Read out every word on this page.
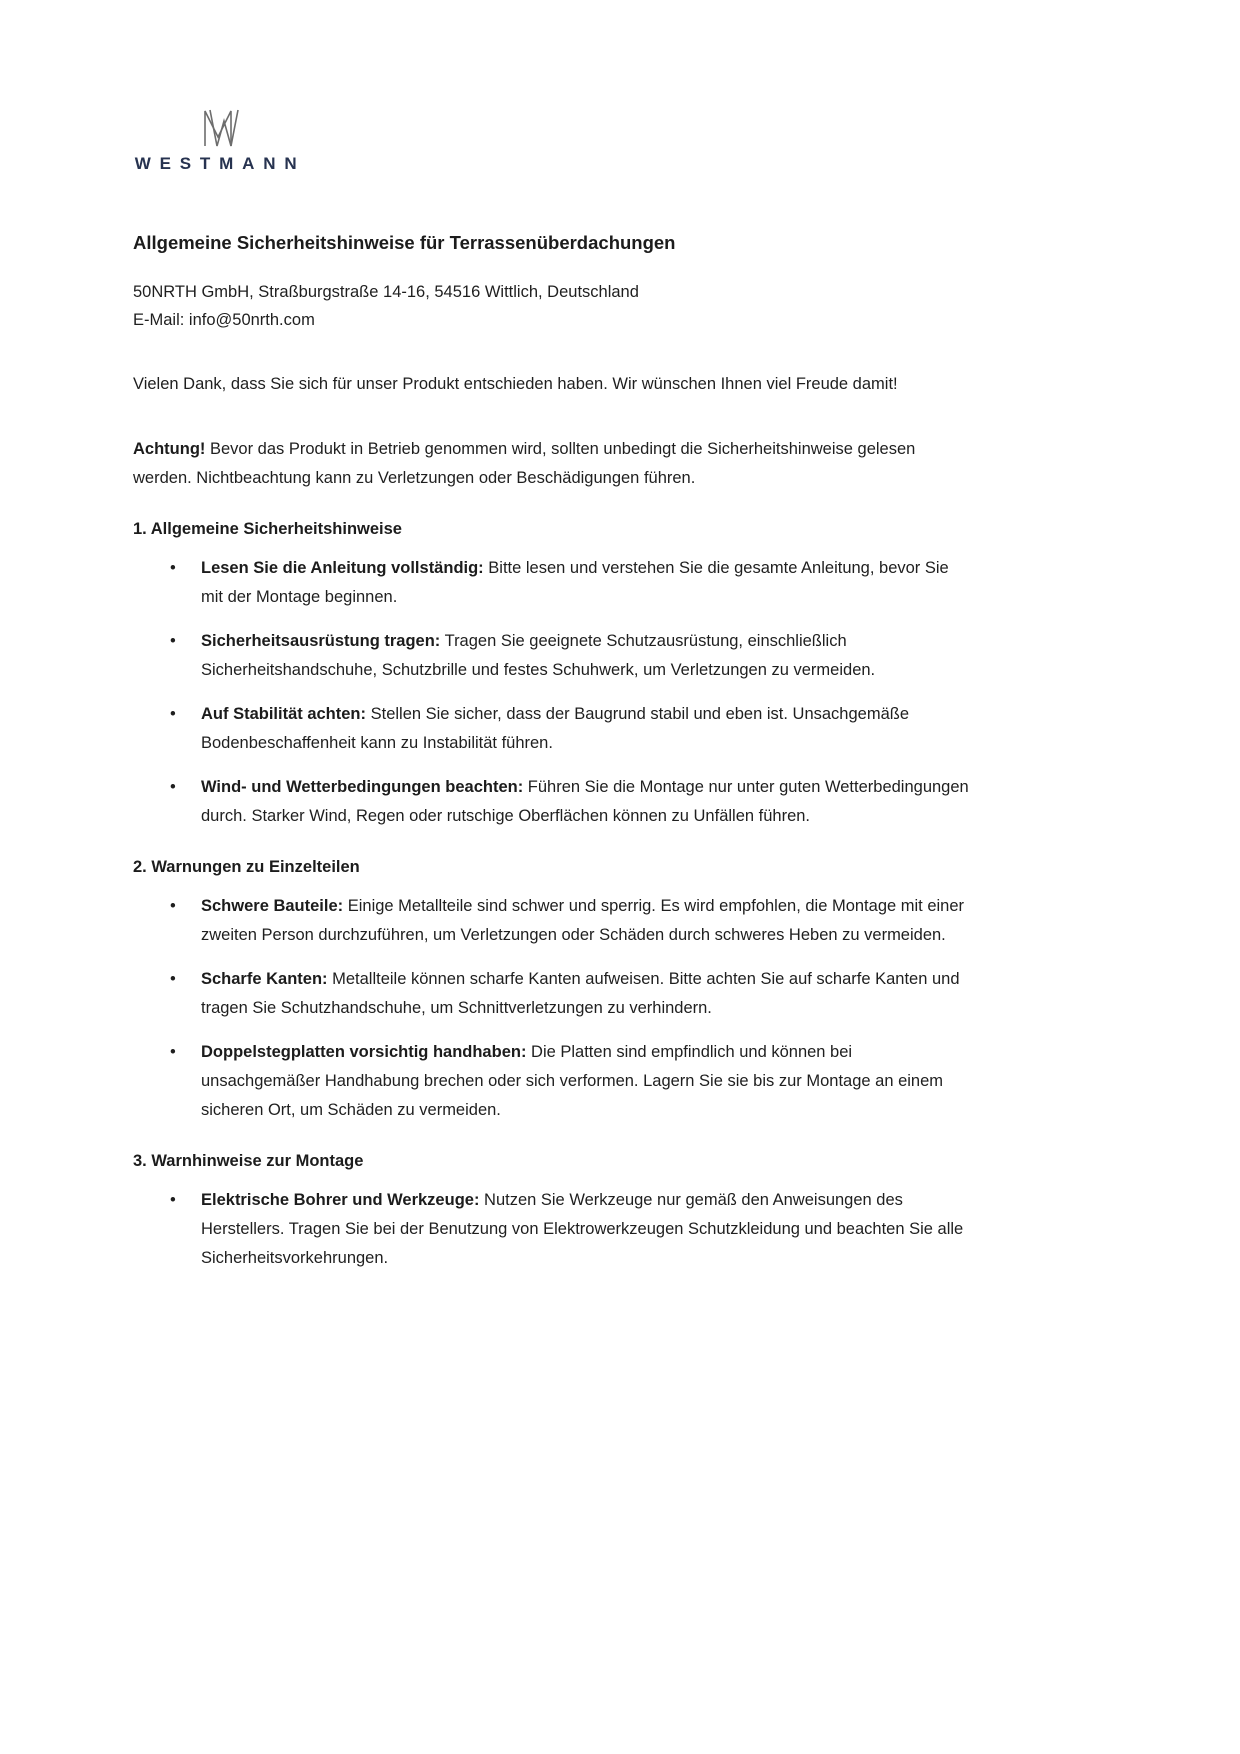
WESTMANN
Allgemeine Sicherheitshinweise für Terrassenüberdachungen

50NRTH GmbH, Straßburgstraße 14-16, 54516 Wittlich, Deutschland

E-Mail: info@50nrth.com

Vielen Dank, dass Sie sich für unser Produkt entschieden haben. Wir wünschen Ihnen viel Freude damit!

Achtung! Bevor das Produkt in Betrieb genommen wird, sollten unbedingt die Sicherheitshinweise gelesen werden. Nichtbeachtung kann zu Verletzungen oder Beschädigungen führen.

1. Allgemeine Sicherheitshinweise
• Lesen Sie die Anleitung vollständig: Bitte lesen und verstehen Sie die gesamte Anleitung, bevor Sie mit der Montage beginnen.
• Sicherheitsausrüstung tragen: Tragen Sie geeignete Schutzausrüstung, einschließlich Sicherheitshandschuhe, Schutzbrille und festes Schuhwerk, um Verletzungen zu vermeiden.
• Auf Stabilität achten: Stellen Sie sicher, dass der Baugrund stabil und eben ist. Unsachgemäße Bodenbeschaffenheit kann zu Instabilität führen.
• Wind- und Wetterbedingungen beachten: Führen Sie die Montage nur unter guten Wetterbedingungen durch. Starker Wind, Regen oder rutschige Oberflächen können zu Unfällen führen.
2. Warnungen zu Einzelteilen
• Schwere Bauteile: Einige Metallteile sind schwer und sperrig. Es wird empfohlen, die Montage mit einer zweiten Person durchzuführen, um Verletzungen oder Schäden durch schweres Heben zu vermeiden.
• Scharfe Kanten: Metallteile können scharfe Kanten aufweisen. Bitte achten Sie auf scharfe Kanten und tragen Sie Schutzhandschuhe, um Schnittverletzungen zu verhindern.
• Doppelstegplatten vorsichtig handhaben: Die Platten sind empfindlich und können bei unsachgemäßer Handhabung brechen oder sich verformen. Lagern Sie sie bis zur Montage an einem sicheren Ort, um Schäden zu vermeiden.
3. Warnhinweise zur Montage
• Elektrische Bohrer und Werkzeuge: Nutzen Sie Werkzeuge nur gemäß den Anweisungen des Herstellers. Tragen Sie bei der Benutzung von Elektrowerkzeugen Schutzkleidung und beachten Sie alle Sicherheitsvorkehrungen.
